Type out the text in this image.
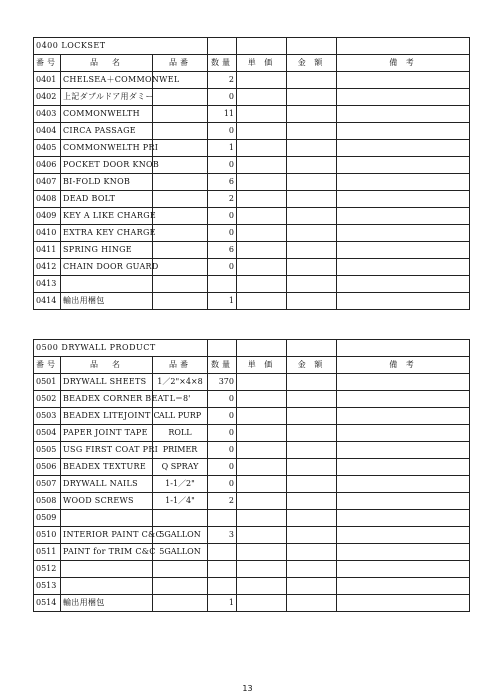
0400 LOCKSET						
番号	品　名	品番	数量	単 価	金 額	備 考
0401	CHELSEA＋COMMONWEL		2			
0402	上記ダブルドア用ダミー		0			
0403	COMMONWELTH		11			
0404	CIRCA PASSAGE		0			
0405	COMMONWELTH PRI		1			
0406	POCKET DOOR KNOB		0			
0407	BI-FOLD KNOB		6			
0408	DEAD BOLT		2			
0409	KEY A LIKE CHARGE		0			
0410	EXTRA KEY CHARGE		0			
0411	SPRING HINGE		6			
0412	CHAIN DOOR GUARD		0			
0413						
0414	輸出用梱包		1			
0500 DRYWALL PRODUCT						
番号	品　名	品番	数量	単 価	金 額	備 考
0501	DRYWALL SHEETS	1／2"×4×8	370			
0502	BEADEX CORNER BEAT	L＝8'	0			
0503	BEADEX LITEJOINT C	ALL PURP	0			
0504	PAPER JOINT TAPE	ROLL	0			
0505	USG FIRST COAT PRI	PRIMER	0			
0506	BEADEX TEXTURE	Q SPRAY	0			
0507	DRYWALL NAILS	1-1／2"	0			
0508	WOOD SCREWS	1-1／4"	2			
0509						
0510	INTERIOR PAINT C&C	5GALLON	3			
0511	PAINT for TRIM C&C	5GALLON				
0512						
0513						
0514	輸出用梱包		1			
13
